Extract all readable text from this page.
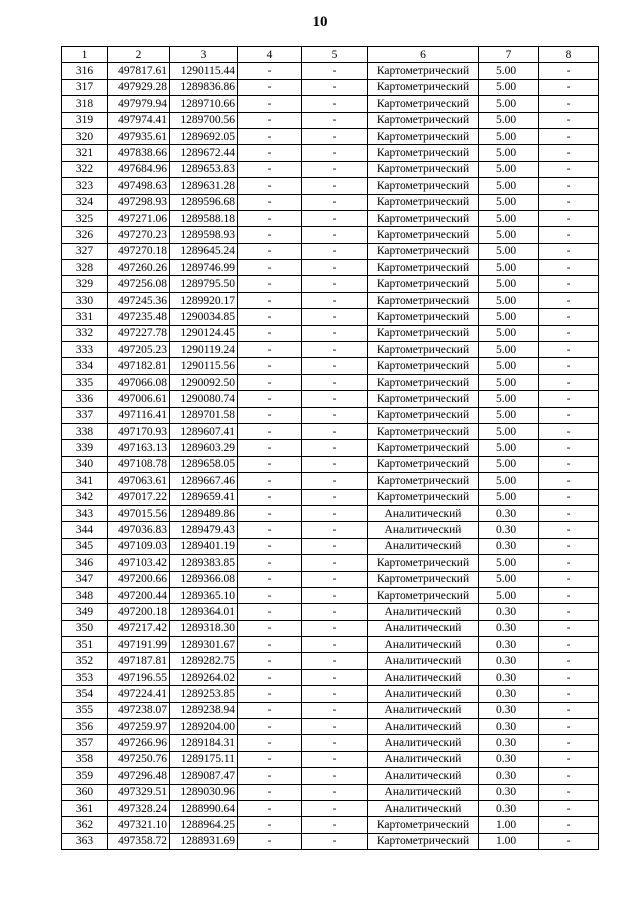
10
1	2	3	4	5	6	7	8
316	497817.61	1290115.44	-	-	Картометрический	5.00	-
317	497929.28	1289836.86	-	-	Картометрический	5.00	-
318	497979.94	1289710.66	-	-	Картометрический	5.00	-
319	497974.41	1289700.56	-	-	Картометрический	5.00	-
320	497935.61	1289692.05	-	-	Картометрический	5.00	-
321	497838.66	1289672.44	-	-	Картометрический	5.00	-
322	497684.96	1289653.83	-	-	Картометрический	5.00	-
323	497498.63	1289631.28	-	-	Картометрический	5.00	-
324	497298.93	1289596.68	-	-	Картометрический	5.00	-
325	497271.06	1289588.18	-	-	Картометрический	5.00	-
326	497270.23	1289598.93	-	-	Картометрический	5.00	-
327	497270.18	1289645.24	-	-	Картометрический	5.00	-
328	497260.26	1289746.99	-	-	Картометрический	5.00	-
329	497256.08	1289795.50	-	-	Картометрический	5.00	-
330	497245.36	1289920.17	-	-	Картометрический	5.00	-
331	497235.48	1290034.85	-	-	Картометрический	5.00	-
332	497227.78	1290124.45	-	-	Картометрический	5.00	-
333	497205.23	1290119.24	-	-	Картометрический	5.00	-
334	497182.81	1290115.56	-	-	Картометрический	5.00	-
335	497066.08	1290092.50	-	-	Картометрический	5.00	-
336	497006.61	1290080.74	-	-	Картометрический	5.00	-
337	497116.41	1289701.58	-	-	Картометрический	5.00	-
338	497170.93	1289607.41	-	-	Картометрический	5.00	-
339	497163.13	1289603.29	-	-	Картометрический	5.00	-
340	497108.78	1289658.05	-	-	Картометрический	5.00	-
341	497063.61	1289667.46	-	-	Картометрический	5.00	-
342	497017.22	1289659.41	-	-	Картометрический	5.00	-
343	497015.56	1289489.86	-	-	Аналитический	0.30	-
344	497036.83	1289479.43	-	-	Аналитический	0.30	-
345	497109.03	1289401.19	-	-	Аналитический	0.30	-
346	497103.42	1289383.85	-	-	Картометрический	5.00	-
347	497200.66	1289366.08	-	-	Картометрический	5.00	-
348	497200.44	1289365.10	-	-	Картометрический	5.00	-
349	497200.18	1289364.01	-	-	Аналитический	0.30	-
350	497217.42	1289318.30	-	-	Аналитический	0.30	-
351	497191.99	1289301.67	-	-	Аналитический	0.30	-
352	497187.81	1289282.75	-	-	Аналитический	0.30	-
353	497196.55	1289264.02	-	-	Аналитический	0.30	-
354	497224.41	1289253.85	-	-	Аналитический	0.30	-
355	497238.07	1289238.94	-	-	Аналитический	0.30	-
356	497259.97	1289204.00	-	-	Аналитический	0.30	-
357	497266.96	1289184.31	-	-	Аналитический	0.30	-
358	497250.76	1289175.11	-	-	Аналитический	0.30	-
359	497296.48	1289087.47	-	-	Аналитический	0.30	-
360	497329.51	1289030.96	-	-	Аналитический	0.30	-
361	497328.24	1288990.64	-	-	Аналитический	0.30	-
362	497321.10	1288964.25	-	-	Картометрический	1.00	-
363	497358.72	1288931.69	-	-	Картометрический	1.00	-
